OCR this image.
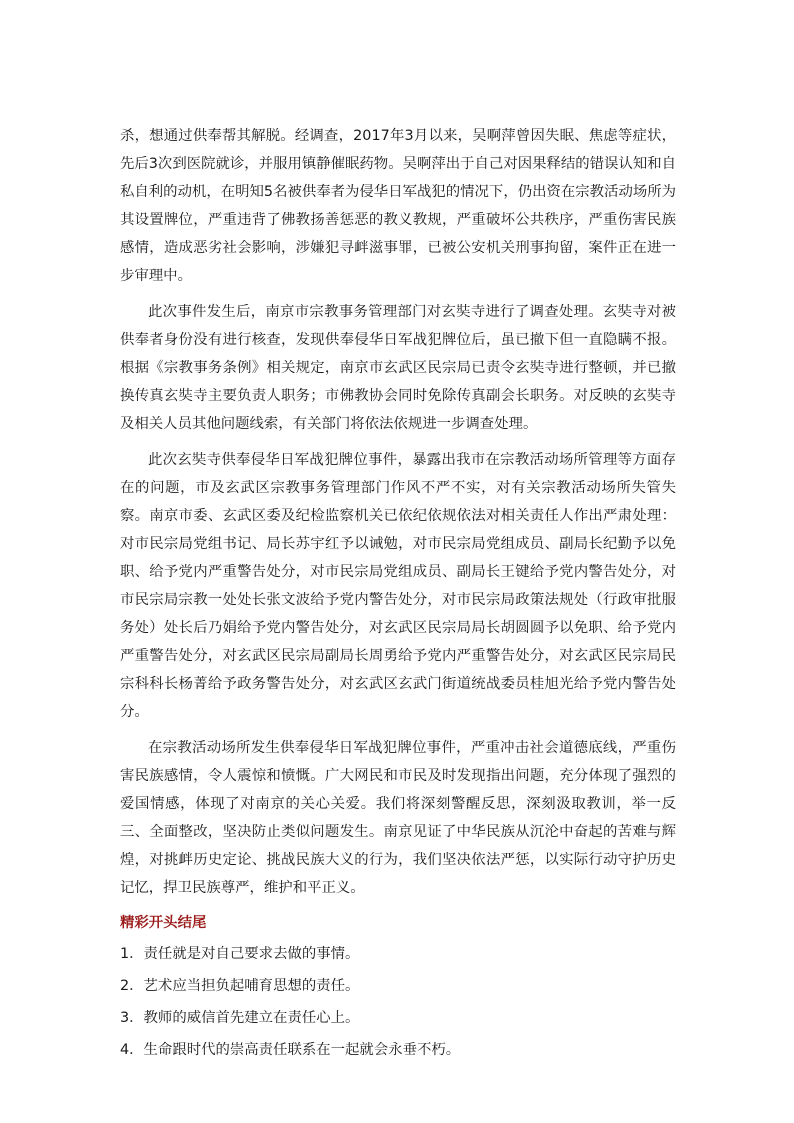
杀，想通过供奉帮其解脱。经调查，2017年3月以来，吴啊萍曾因失眠、焦虑等症状，先后3次到医院就诊，并服用镇静催眠药物。吴啊萍出于自己对因果释结的错误认知和自私自利的动机，在明知5名被供奉者为侵华日军战犯的情况下，仍出资在宗教活动场所为其设置牌位，严重违背了佛教扬善惩恶的教义教规，严重破坏公共秩序，严重伤害民族感情，造成恶劣社会影响，涉嫌犯寻衅滋事罪，已被公安机关刑事拘留，案件正在进一步审理中。

此次事件发生后，南京市宗教事务管理部门对玄奘寺进行了调查处理。玄奘寺对被供奉者身份没有进行核查，发现供奉侵华日军战犯牌位后，虽已撤下但一直隐瞒不报。根据《宗教事务条例》相关规定，南京市玄武区民宗局已责令玄奘寺进行整顿，并已撤换传真玄奘寺主要负责人职务；市佛教协会同时免除传真副会长职务。对反映的玄奘寺及相关人员其他问题线索，有关部门将依法依规进一步调查处理。

此次玄奘寺供奉侵华日军战犯牌位事件，暴露出我市在宗教活动场所管理等方面存在的问题，市及玄武区宗教事务管理部门作风不严不实，对有关宗教活动场所失管失察。南京市委、玄武区委及纪检监察机关已依纪依规依法对相关责任人作出严肃处理：对市民宗局党组书记、局长苏宇红予以诫勉，对市民宗局党组成员、副局长纪勤予以免职、给予党内严重警告处分，对市民宗局党组成员、副局长王键给予党内警告处分，对市民宗局宗教一处处长张文波给予党内警告处分，对市民宗局政策法规处（行政审批服务处）处长后乃娟给予党内警告处分，对玄武区民宗局局长胡圆圆予以免职、给予党内严重警告处分，对玄武区民宗局副局长周勇给予党内严重警告处分，对玄武区民宗局民宗科科长杨菁给予政务警告处分，对玄武区玄武门街道统战委员桂旭光给予党内警告处分。

在宗教活动场所发生供奉侵华日军战犯牌位事件，严重冲击社会道德底线，严重伤害民族感情，令人震惊和愤慨。广大网民和市民及时发现指出问题，充分体现了强烈的爱国情感，体现了对南京的关心关爱。我们将深刻警醒反思，深刻汲取教训，举一反三、全面整改，坚决防止类似问题发生。南京见证了中华民族从沉沦中奋起的苦难与辉煌，对挑衅历史定论、挑战民族大义的行为，我们坚决依法严惩，以实际行动守护历史记忆，捍卫民族尊严，维护和平正义。

精彩开头结尾

1．责任就是对自己要求去做的事情。
2．艺术应当担负起哺育思想的责任。
3．教师的威信首先建立在责任心上。
4．生命跟时代的崇高责任联系在一起就会永垂不朽。
